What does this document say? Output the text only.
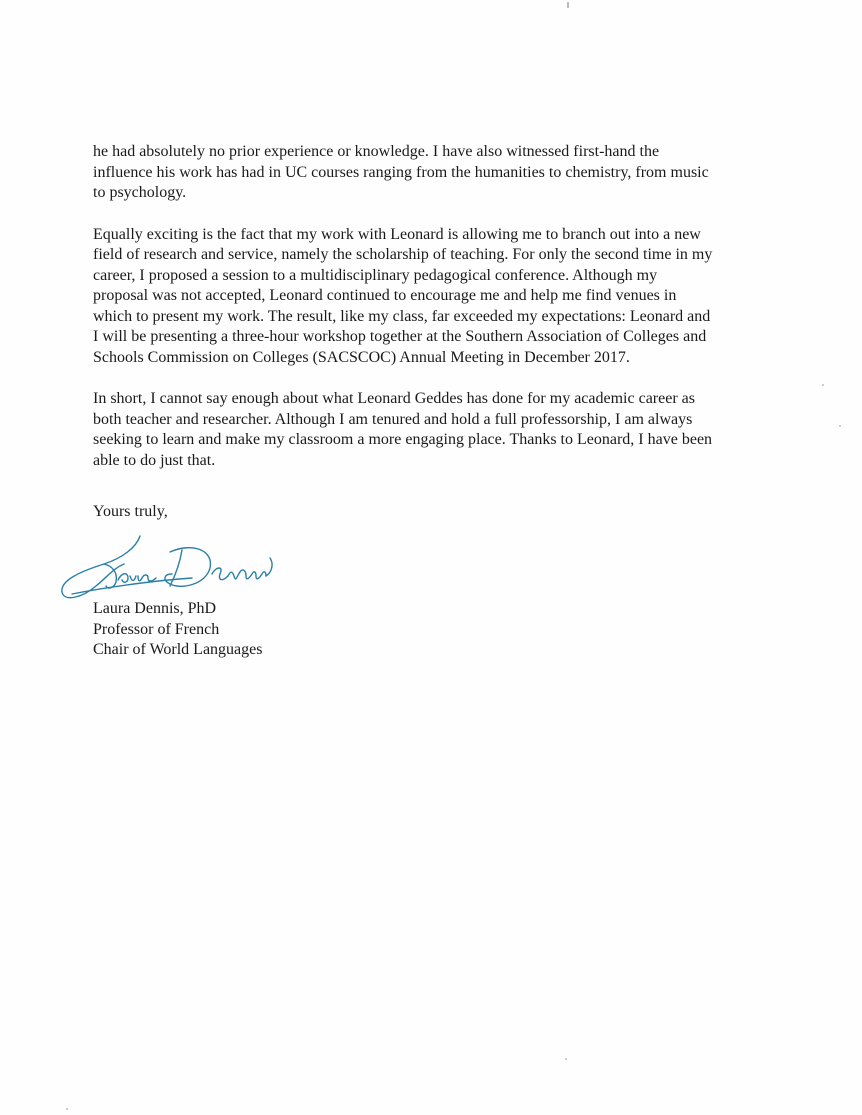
he had absolutely no prior experience or knowledge. I have also witnessed first-hand the
influence his work has had in UC courses ranging from the humanities to chemistry, from music
to psychology.

Equally exciting is the fact that my work with Leonard is allowing me to branch out into a new
field of research and service, namely the scholarship of teaching. For only the second time in my
career, I proposed a session to a multidisciplinary pedagogical conference. Although my
proposal was not accepted, Leonard continued to encourage me and help me find venues in
which to present my work. The result, like my class, far exceeded my expectations: Leonard and
I will be presenting a three-hour workshop together at the Southern Association of Colleges and
Schools Commission on Colleges (SACSCOC) Annual Meeting in December 2017.

In short, I cannot say enough about what Leonard Geddes has done for my academic career as
both teacher and researcher. Although I am tenured and hold a full professorship, I am always
seeking to learn and make my classroom a more engaging place. Thanks to Leonard, I have been
able to do just that.

Yours truly,

Laura Dennis, PhD
Professor of French
Chair of World Languages
